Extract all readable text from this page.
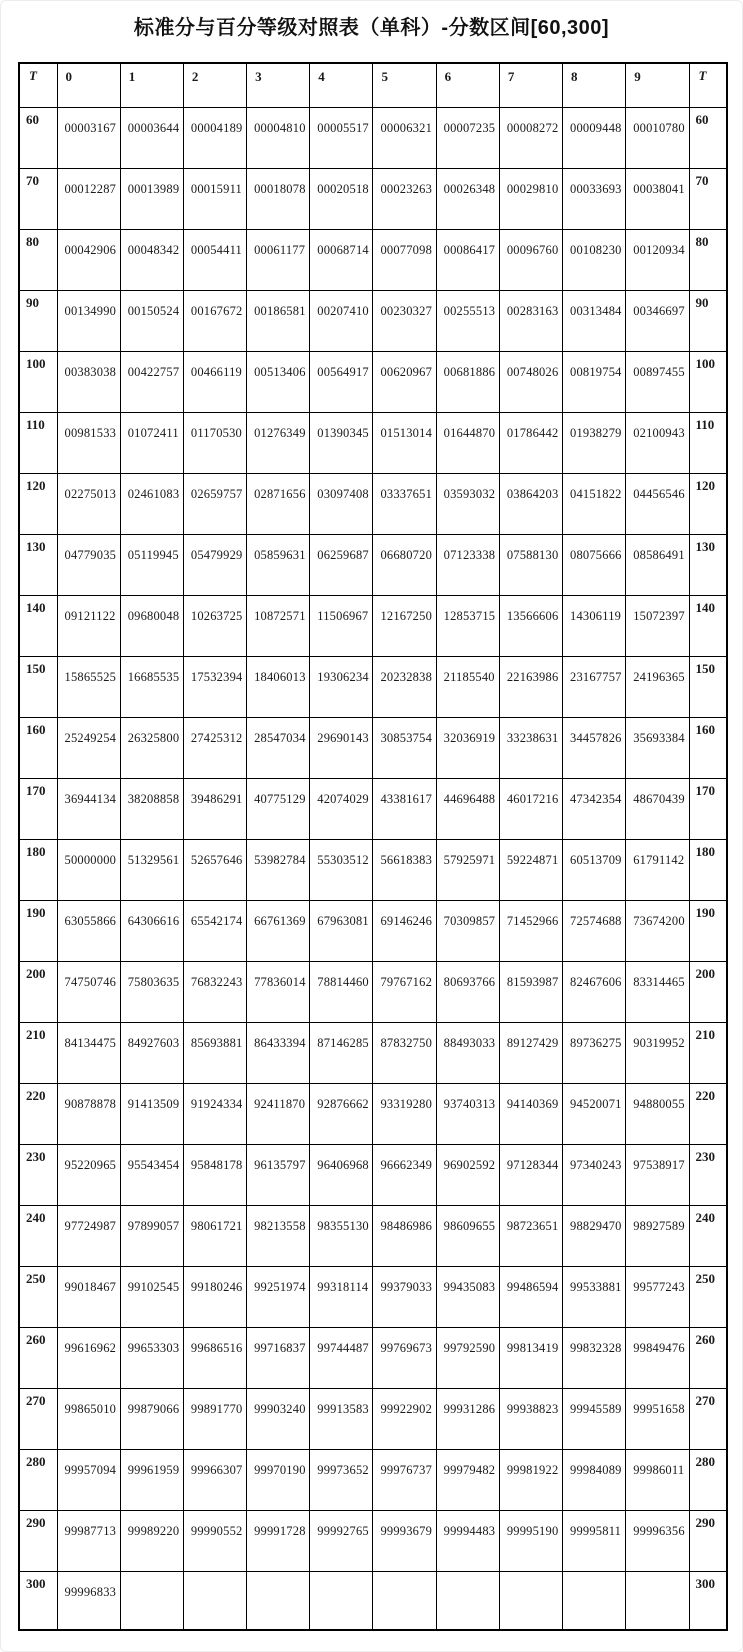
标准分与百分等级对照表（单科）-分数区间[60,300]
T	0	1	2	3	4	5	6	7	8	9	T
60	00003167	00003644	00004189	00004810	00005517	00006321	00007235	00008272	00009448	00010780	60
70	00012287	00013989	00015911	00018078	00020518	00023263	00026348	00029810	00033693	00038041	70
80	00042906	00048342	00054411	00061177	00068714	00077098	00086417	00096760	00108230	00120934	80
90	00134990	00150524	00167672	00186581	00207410	00230327	00255513	00283163	00313484	00346697	90
100	00383038	00422757	00466119	00513406	00564917	00620967	00681886	00748026	00819754	00897455	100
110	00981533	01072411	01170530	01276349	01390345	01513014	01644870	01786442	01938279	02100943	110
120	02275013	02461083	02659757	02871656	03097408	03337651	03593032	03864203	04151822	04456546	120
130	04779035	05119945	05479929	05859631	06259687	06680720	07123338	07588130	08075666	08586491	130
140	09121122	09680048	10263725	10872571	11506967	12167250	12853715	13566606	14306119	15072397	140
150	15865525	16685535	17532394	18406013	19306234	20232838	21185540	22163986	23167757	24196365	150
160	25249254	26325800	27425312	28547034	29690143	30853754	32036919	33238631	34457826	35693384	160
170	36944134	38208858	39486291	40775129	42074029	43381617	44696488	46017216	47342354	48670439	170
180	50000000	51329561	52657646	53982784	55303512	56618383	57925971	59224871	60513709	61791142	180
190	63055866	64306616	65542174	66761369	67963081	69146246	70309857	71452966	72574688	73674200	190
200	74750746	75803635	76832243	77836014	78814460	79767162	80693766	81593987	82467606	83314465	200
210	84134475	84927603	85693881	86433394	87146285	87832750	88493033	89127429	89736275	90319952	210
220	90878878	91413509	91924334	92411870	92876662	93319280	93740313	94140369	94520071	94880055	220
230	95220965	95543454	95848178	96135797	96406968	96662349	96902592	97128344	97340243	97538917	230
240	97724987	97899057	98061721	98213558	98355130	98486986	98609655	98723651	98829470	98927589	240
250	99018467	99102545	99180246	99251974	99318114	99379033	99435083	99486594	99533881	99577243	250
260	99616962	99653303	99686516	99716837	99744487	99769673	99792590	99813419	99832328	99849476	260
270	99865010	99879066	99891770	99903240	99913583	99922902	99931286	99938823	99945589	99951658	270
280	99957094	99961959	99966307	99970190	99973652	99976737	99979482	99981922	99984089	99986011	280
290	99987713	99989220	99990552	99991728	99992765	99993679	99994483	99995190	99995811	99996356	290
300	99996833										300
